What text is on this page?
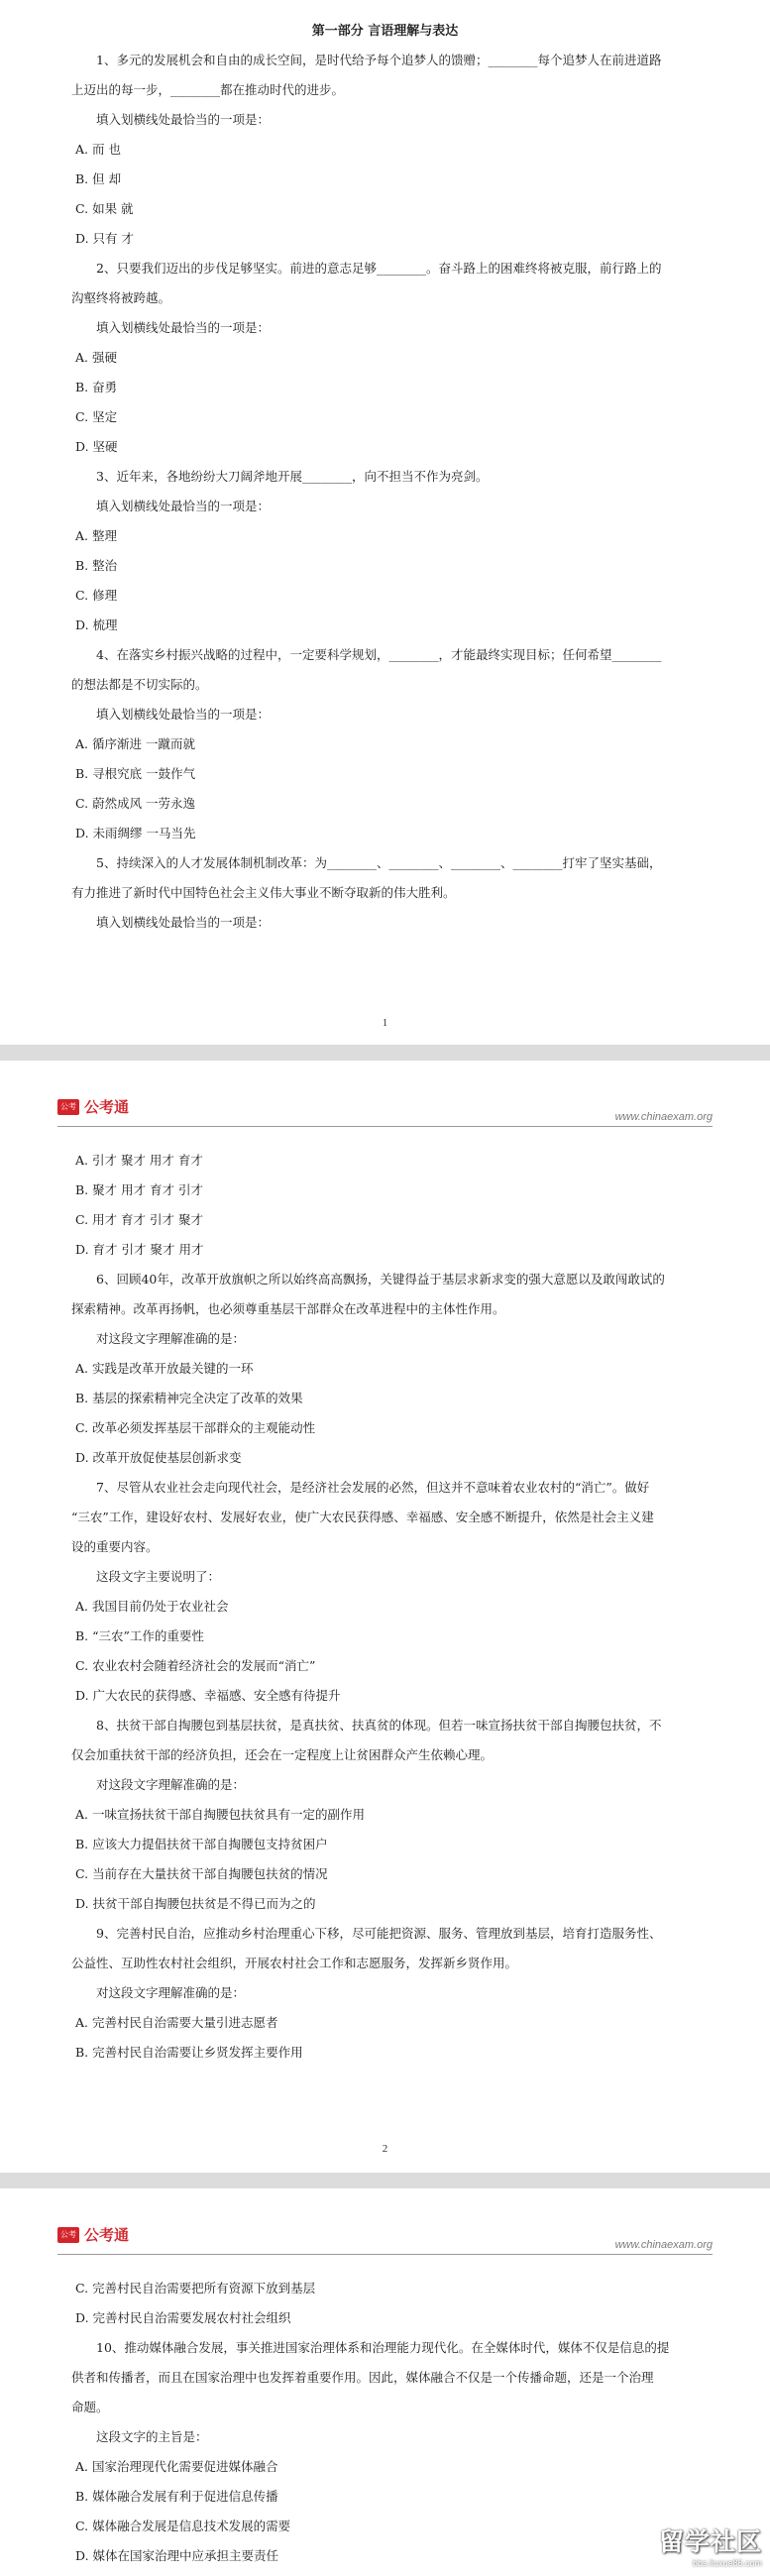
第一部分 言语理解与表达
1、多元的发展机会和自由的成长空间，是时代给予每个追梦人的馈赠；________每个追梦人在前进道路
上迈出的每一步，________都在推动时代的进步。
填入划横线处最恰当的一项是：
A. 而 也
B. 但 却
C. 如果 就
D. 只有 才
2、只要我们迈出的步伐足够坚实。前进的意志足够________。奋斗路上的困难终将被克服，前行路上的
沟壑终将被跨越。
填入划横线处最恰当的一项是：
A. 强硬
B. 奋勇
C. 坚定
D. 坚硬
3、近年来，各地纷纷大刀阔斧地开展________，向不担当不作为亮剑。
填入划横线处最恰当的一项是：
A. 整理
B. 整治
C. 修理
D. 梳理
4、在落实乡村振兴战略的过程中，一定要科学规划，________，才能最终实现目标；任何希望________
的想法都是不切实际的。
填入划横线处最恰当的一项是：
A. 循序渐进 一蹴而就
B. 寻根究底 一鼓作气
C. 蔚然成风 一劳永逸
D. 未雨绸缪 一马当先
5、持续深入的人才发展体制机制改革：为________、________、________、________打牢了坚实基础，
有力推进了新时代中国特色社会主义伟大事业不断夺取新的伟大胜利。
填入划横线处最恰当的一项是：
1
公考通
公考通
www.chinaexam.org
A. 引才 聚才 用才 育才
B. 聚才 用才 育才 引才
C. 用才 育才 引才 聚才
D. 育才 引才 聚才 用才
6、回顾40年，改革开放旗帜之所以始终高高飘扬，关键得益于基层求新求变的强大意愿以及敢闯敢试的
探索精神。改革再扬帆，也必须尊重基层干部群众在改革进程中的主体性作用。
对这段文字理解准确的是：
A. 实践是改革开放最关键的一环
B. 基层的探索精神完全决定了改革的效果
C. 改革必须发挥基层干部群众的主观能动性
D. 改革开放促使基层创新求变
7、尽管从农业社会走向现代社会，是经济社会发展的必然，但这并不意味着农业农村的“消亡”。做好
“三农”工作，建设好农村、发展好农业，使广大农民获得感、幸福感、安全感不断提升，依然是社会主义建
设的重要内容。
这段文字主要说明了：
A. 我国目前仍处于农业社会
B. “三农”工作的重要性
C. 农业农村会随着经济社会的发展而“消亡”
D. 广大农民的获得感、幸福感、安全感有待提升
8、扶贫干部自掏腰包到基层扶贫，是真扶贫、扶真贫的体现。但若一味宣扬扶贫干部自掏腰包扶贫，不
仅会加重扶贫干部的经济负担，还会在一定程度上让贫困群众产生依赖心理。
对这段文字理解准确的是：
A. 一味宣扬扶贫干部自掏腰包扶贫具有一定的副作用
B. 应该大力提倡扶贫干部自掏腰包支持贫困户
C. 当前存在大量扶贫干部自掏腰包扶贫的情况
D. 扶贫干部自掏腰包扶贫是不得已而为之的
9、完善村民自治，应推动乡村治理重心下移，尽可能把资源、服务、管理放到基层，培育打造服务性、
公益性、互助性农村社会组织，开展农村社会工作和志愿服务，发挥新乡贤作用。
对这段文字理解准确的是：
A. 完善村民自治需要大量引进志愿者
B. 完善村民自治需要让乡贤发挥主要作用
2
公考通
公考通
www.chinaexam.org
C. 完善村民自治需要把所有资源下放到基层
D. 完善村民自治需要发展农村社会组织
10、推动媒体融合发展，事关推进国家治理体系和治理能力现代化。在全媒体时代，媒体不仅是信息的提
供者和传播者，而且在国家治理中也发挥着重要作用。因此，媒体融合不仅是一个传播命题，还是一个治理
命题。
这段文字的主旨是：
A. 国家治理现代化需要促进媒体融合
B. 媒体融合发展有利于促进信息传播
C. 媒体融合发展是信息技术发展的需要
D. 媒体在国家治理中应承担主要责任	留学社区
bbs.liuxue86.com
